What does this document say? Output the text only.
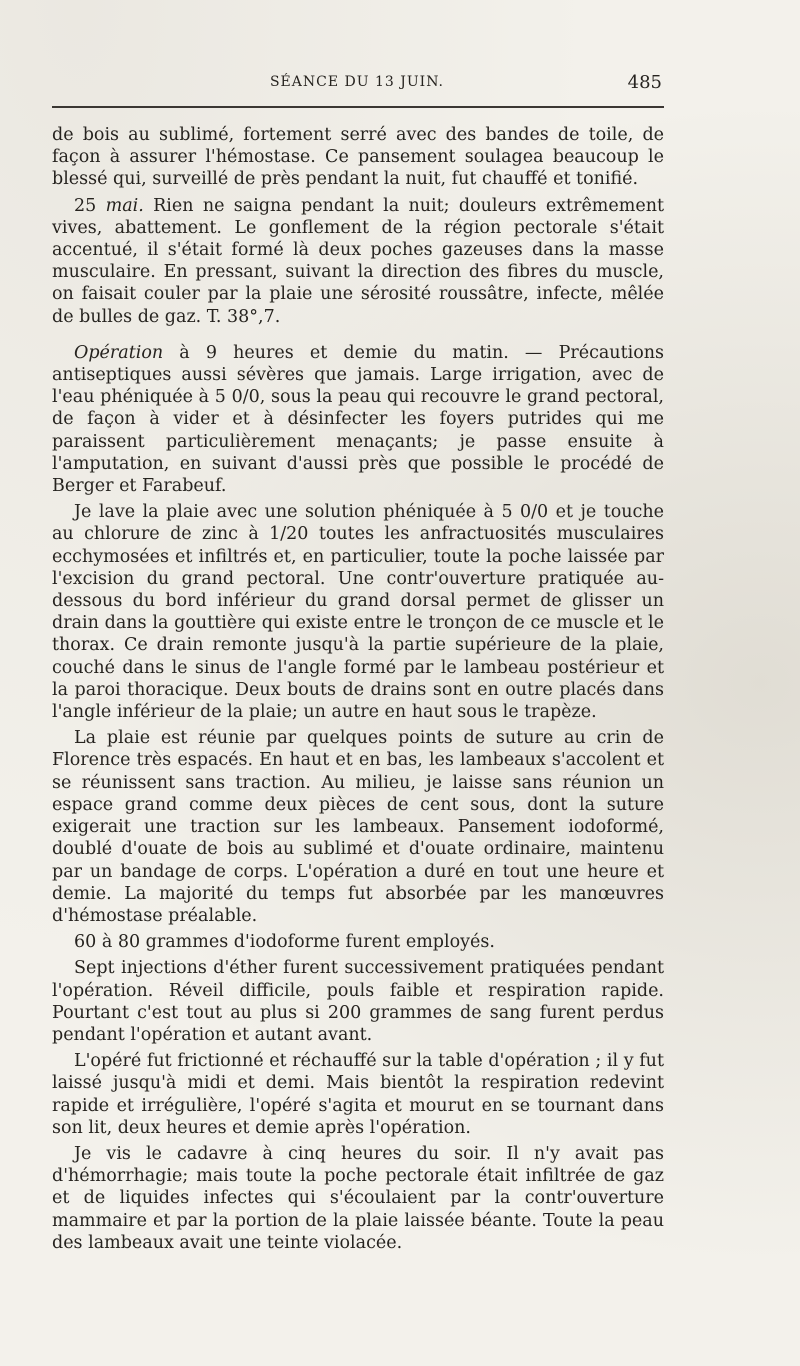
SÉANCE DU 13 JUIN.	485

de bois au sublimé, fortement serré avec des bandes de toile, de façon à assurer l'hémostase. Ce pansement soulagea beaucoup le blessé qui, surveillé de près pendant la nuit, fut chauffé et tonifié.

25 mai. Rien ne saigna pendant la nuit; douleurs extrêmement vives, abattement. Le gonflement de la région pectorale s'était accentué, il s'était formé là deux poches gazeuses dans la masse musculaire. En pressant, suivant la direction des fibres du muscle, on faisait couler par la plaie une sérosité roussâtre, infecte, mêlée de bulles de gaz. T. 38°,7.

Opération à 9 heures et demie du matin. — Précautions antiseptiques aussi sévères que jamais. Large irrigation, avec de l'eau phéniquée à 5 0/0, sous la peau qui recouvre le grand pectoral, de façon à vider et à désinfecter les foyers putrides qui me paraissent particulièrement menaçants; je passe ensuite à l'amputation, en suivant d'aussi près que possible le procédé de Berger et Farabeuf.

Je lave la plaie avec une solution phéniquée à 5 0/0 et je touche au chlorure de zinc à 1/20 toutes les anfractuosités musculaires ecchymosées et infiltrés et, en particulier, toute la poche laissée par l'excision du grand pectoral. Une contr'ouverture pratiquée au-dessous du bord inférieur du grand dorsal permet de glisser un drain dans la gouttière qui existe entre le tronçon de ce muscle et le thorax. Ce drain remonte jusqu'à la partie supérieure de la plaie, couché dans le sinus de l'angle formé par le lambeau postérieur et la paroi thoracique. Deux bouts de drains sont en outre placés dans l'angle inférieur de la plaie; un autre en haut sous le trapèze.

La plaie est réunie par quelques points de suture au crin de Florence très espacés. En haut et en bas, les lambeaux s'accolent et se réunissent sans traction. Au milieu, je laisse sans réunion un espace grand comme deux pièces de cent sous, dont la suture exigerait une traction sur les lambeaux. Pansement iodoformé, doublé d'ouate de bois au sublimé et d'ouate ordinaire, maintenu par un bandage de corps. L'opération a duré en tout une heure et demie. La majorité du temps fut absorbée par les manœuvres d'hémostase préalable.

60 à 80 grammes d'iodoforme furent employés.

Sept injections d'éther furent successivement pratiquées pendant l'opération. Réveil difficile, pouls faible et respiration rapide. Pourtant c'est tout au plus si 200 grammes de sang furent perdus pendant l'opération et autant avant.

L'opéré fut frictionné et réchauffé sur la table d'opération ; il y fut laissé jusqu'à midi et demi. Mais bientôt la respiration redevint rapide et irrégulière, l'opéré s'agita et mourut en se tournant dans son lit, deux heures et demie après l'opération.

Je vis le cadavre à cinq heures du soir. Il n'y avait pas d'hémorrhagie; mais toute la poche pectorale était infiltrée de gaz et de liquides infectes qui s'écoulaient par la contr'ouverture mammaire et par la portion de la plaie laissée béante. Toute la peau des lambeaux avait une teinte violacée.
